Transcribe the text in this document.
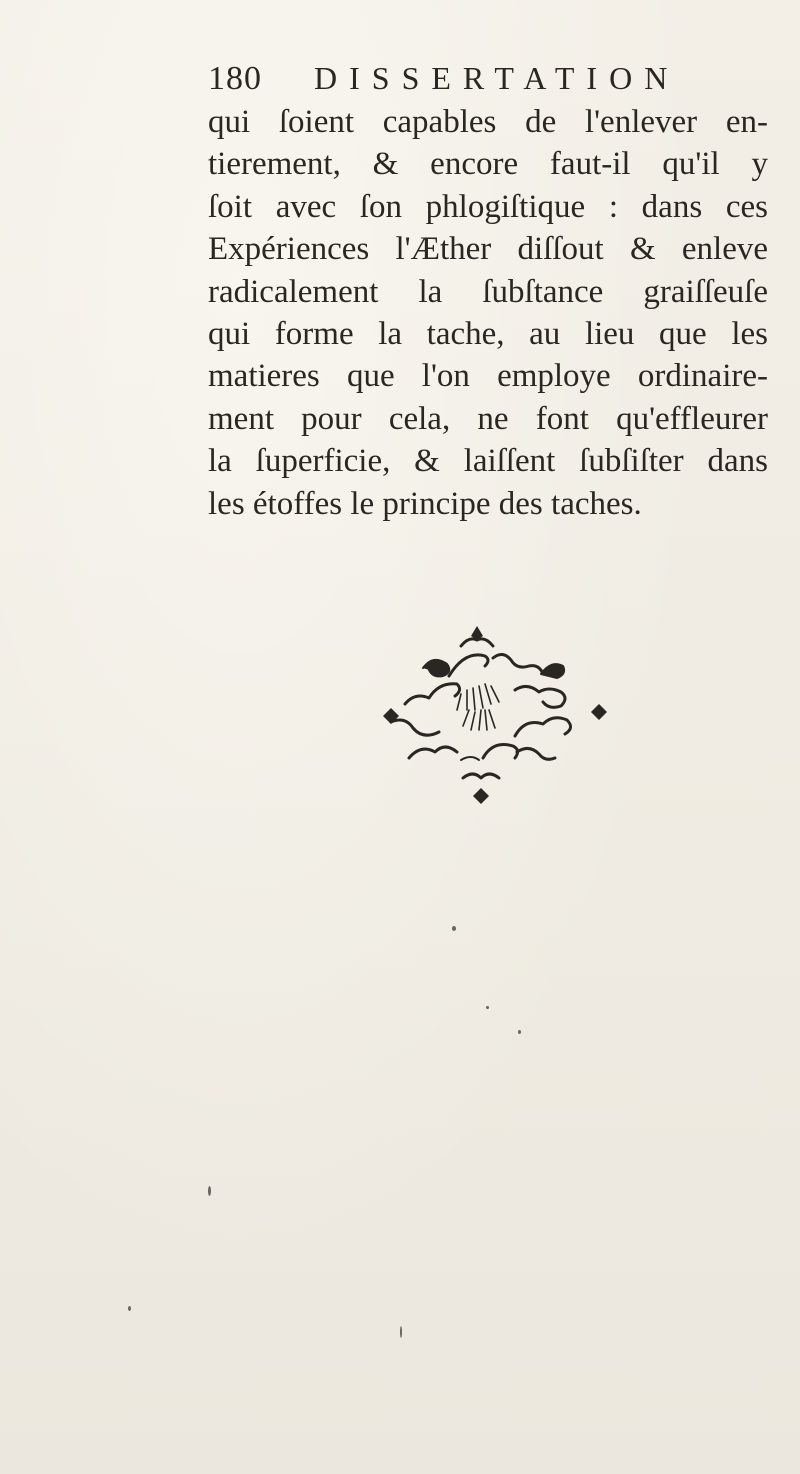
180 DISSERTATION
qui ſoient capables de l'enlever en-
tierement, & encore faut-il qu'il y
ſoit avec ſon phlogiſtique : dans ces
Expériences l'Æther diſſout & enleve
radicalement la ſubſtance graiſſeuſe
qui forme la tache, au lieu que les
matieres que l'on employe ordinaire-
ment pour cela, ne font qu'effleurer
la ſuperficie, & laiſſent ſubſiſter dans
les étoffes le principe des taches.
